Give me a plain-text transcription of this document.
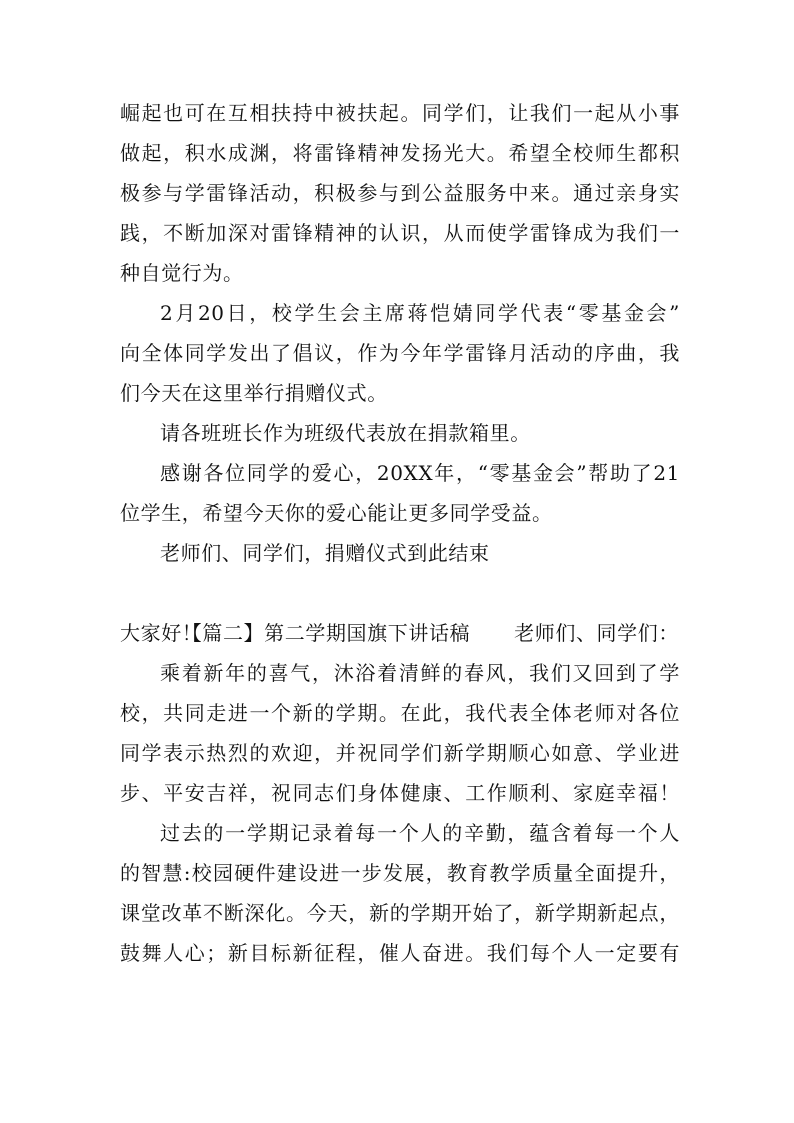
崛起也可在互相扶持中被扶起。同学们，让我们一起从小事
做起，积水成渊，将雷锋精神发扬光大。希望全校师生都积
极参与学雷锋活动，积极参与到公益服务中来。通过亲身实
践，不断加深对雷锋精神的认识，从而使学雷锋成为我们一
种自觉行为。
2月20日，校学生会主席蒋恺婧同学代表“零基金会”
向全体同学发出了倡议，作为今年学雷锋月活动的序曲，我
们今天在这里举行捐赠仪式。
请各班班长作为班级代表放在捐款箱里。
感谢各位同学的爱心，20XX年，“零基金会”帮助了21
位学生，希望今天你的爱心能让更多同学受益。
老师们、同学们，捐赠仪式到此结束

【篇二】第二学期国旗下讲话稿 老师们、同学们：

大家好！
乘着新年的喜气，沐浴着清鲜的春风，我们又回到了学
校，共同走进一个新的学期。在此，我代表全体老师对各位
同学表示热烈的欢迎，并祝同学们新学期顺心如意、学业进
步、平安吉祥，祝同志们身体健康、工作顺利、家庭幸福！
过去的一学期记录着每一个人的辛勤，蕴含着每一个人
的智慧:校园硬件建设进一步发展，教育教学质量全面提升，
课堂改革不断深化。今天，新的学期开始了，新学期新起点，
鼓舞人心；新目标新征程，催人奋进。我们每个人一定要有
